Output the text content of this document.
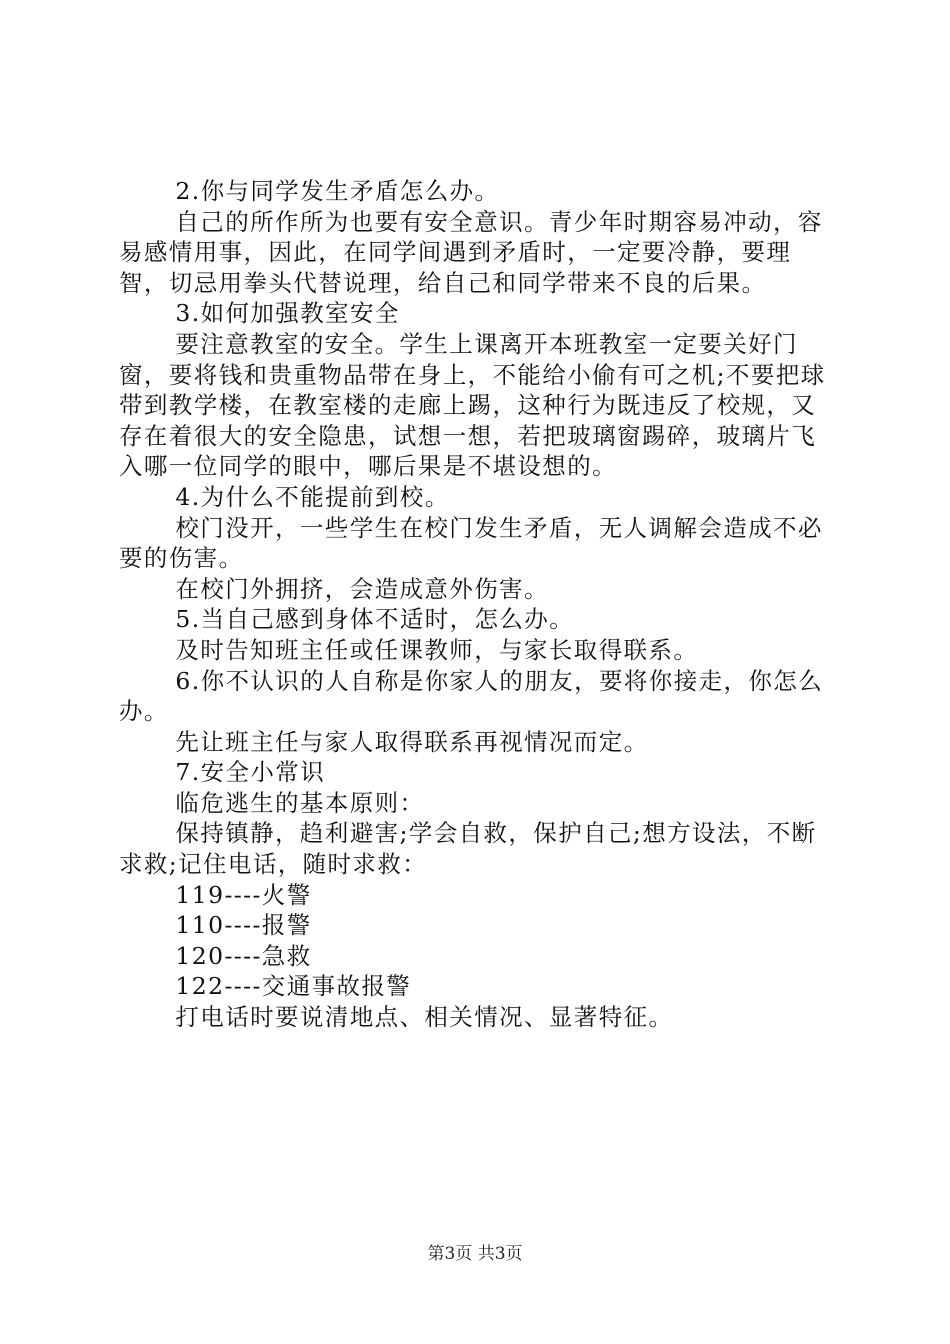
2.你与同学发生矛盾怎么办。

自己的所作所为也要有安全意识。青少年时期容易冲动，容易感情用事，因此，在同学间遇到矛盾时，一定要冷静，要理智，切忌用拳头代替说理，给自己和同学带来不良的后果。

3.如何加强教室安全

要注意教室的安全。学生上课离开本班教室一定要关好门窗，要将钱和贵重物品带在身上，不能给小偷有可之机;不要把球带到教学楼，在教室楼的走廊上踢，这种行为既违反了校规，又存在着很大的安全隐患，试想一想，若把玻璃窗踢碎，玻璃片飞入哪一位同学的眼中，哪后果是不堪设想的。

4.为什么不能提前到校。

校门没开，一些学生在校门发生矛盾，无人调解会造成不必要的伤害。

在校门外拥挤，会造成意外伤害。

5.当自己感到身体不适时，怎么办。

及时告知班主任或任课教师，与家长取得联系。

6.你不认识的人自称是你家人的朋友，要将你接走，你怎么办。

先让班主任与家人取得联系再视情况而定。

7.安全小常识

临危逃生的基本原则：

保持镇静，趋利避害;学会自救，保护自己;想方设法，不断求救;记住电话，随时求救：

119----火警

110----报警

120----急救

122----交通事故报警

打电话时要说清地点、相关情况、显著特征。

第3页 共3页
